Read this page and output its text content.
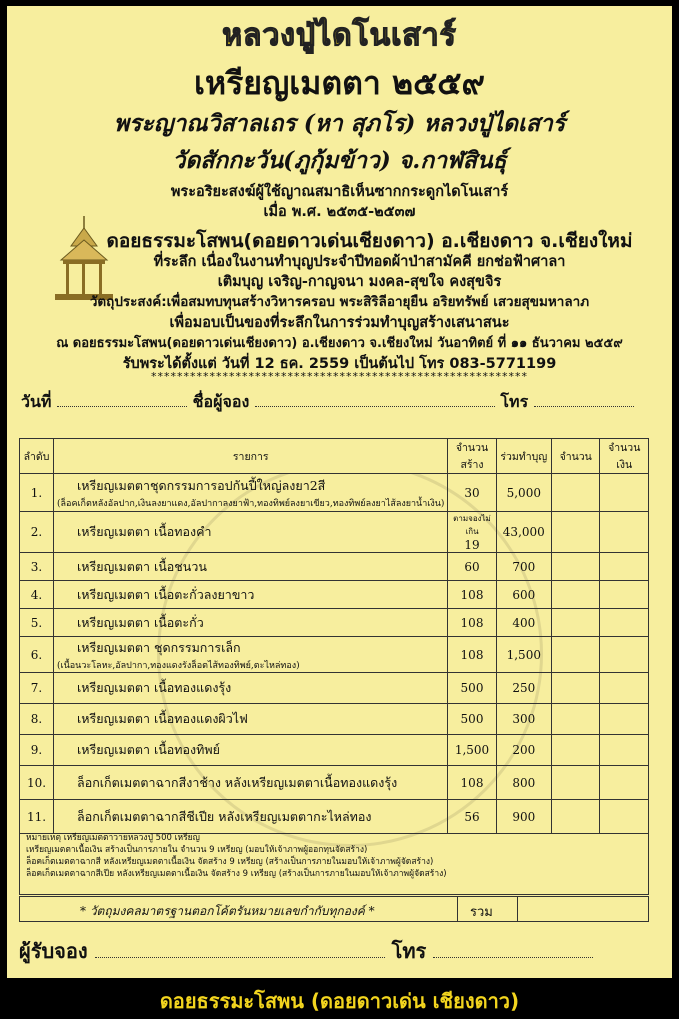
หลวงปู่ไดโนเสาร์
เหรียญเมตตา ๒๕๕๙
พระญาณวิสาลเถร (หา สุภโร) หลวงปู่ไดเสาร์
วัดสักกะวัน(ภูกุ้มข้าว) จ.กาฬสินธุ์
พระอริยะสงฆ์ผู้ใช้ญาณสมาธิเห็นซากกระดูกไดโนเสาร์
เมื่อ พ.ศ. ๒๕๓๕-๒๕๓๗
ดอยธรรมะโสพน(ดอยดาวเด่นเชียงดาว) อ.เชียงดาว จ.เชียงใหม่
ที่ระลึก เนื่องในงานทำบุญประจำปีทอดผ้าป่าสามัคคี ยกช่อฟ้าศาลา
เติมบุญ เจริญ-กาญจนา มงคล-สุขใจ คงสุขจิร
วัตถุประสงค์:เพื่อสมทบทุนสร้างวิหารครอบ พระสิริลีอายุยืน อริยทรัพย์ เสวยสุขมหาลาภ
เพื่อมอบเป็นของที่ระลึกในการร่วมทำบุญสร้างเสนาสนะ
ณ ดอยธรรมะโสพน(ดอยดาวเด่นเชียงดาว) อ.เชียงดาว จ.เชียงใหม่ วันอาทิตย์ ที่ ๑๑ ธันวาคม ๒๕๕๙
รับพระได้ตั้งแต่ วันที่ 12 ธค. 2559 เป็นต้นไป โทร 083-5771199
**********************************************************
วันที่	ชื่อผู้จอง	โทร
ลำดับ	รายการ	จำนวนสร้าง	ร่วมทำบุญ	จำนวน	จำนวนเงิน
1.	เหรียญเมตตาชุดกรรมการอปกันปี้ใหญ่ลงยา2สี
(ล็อคเก็ตหลังอัลปาก,เงินลงยาแดง,อัลปากาลงยาฟ้า,ทองทิพย์ลงยาเขียว,ทองทิพย์ลงยาไส้ลงยาน้ำเงิน)	30	5,000		
2.	เหรียญเมตตา เนื้อทองคำ	ตามจองไม่เกิน
19	43,000		
3.	เหรียญเมตตา เนื้อชนวน	60	700		
4.	เหรียญเมตตา เนื้อตะกั่วลงยาขาว	108	600		
5.	เหรียญเมตตา เนื้อตะกั่ว	108	400		
6.	เหรียญเมตตา ชุดกรรมการเล็ก
(เนื้อนวะโลหะ,อัลปากา,ทองแดงรังล็อตไส้ทองทิพย์,ตะไหล่ทอง)	108	1,500		
7.	เหรียญเมตตา เนื้อทองแดงรุ้ง	500	250		
8.	เหรียญเมตตา เนื้อทองแดงผิวไฟ	500	300		
9.	เหรียญเมตตา เนื้อทองทิพย์	1,500	200		
10.	ล็อกเก็ตเมตตาฉากสีงาช้าง หลังเหรียญเมตตาเนื้อทองแดงรุ้ง	108	800		
11.	ล็อกเก็ตเมตตาฉากสีชีเปีย หลังเหรียญเมตตากะไหล่ทอง	56	900		
หมายเหตุ เหรียญเมตตาวายหลวงปู่ 500 เหรียญ
เหรียญเมตตาเนื้อเงิน สร้างเป็นการภายใน จำนวน 9 เหรียญ (มอบให้เจ้าภาพผู้ออกทุนจัดสร้าง)
ล็อคเก็ตเมตตาฉากสี หลังเหรียญเมตตาเนื้อเงิน จัดสร้าง 9 เหรียญ (สร้างเป็นการภายในมอบให้เจ้าภาพผู้จัดสร้าง)
ล็อคเก็ตเมตตาฉากสีเปีย หลังเหรียญเมตตาเนื้อเงิน จัดสร้าง 9 เหรียญ (สร้างเป็นการภายในมอบให้เจ้าภาพผู้จัดสร้าง)
* วัตถุมงคลมาตรฐานตอกโค้ตรันหมายเลขกำกับทุกองค์ *	รวม
ผู้รับจอง	โทร
ดอยธรรมะโสพน (ดอยดาวเด่น เชียงดาว)
